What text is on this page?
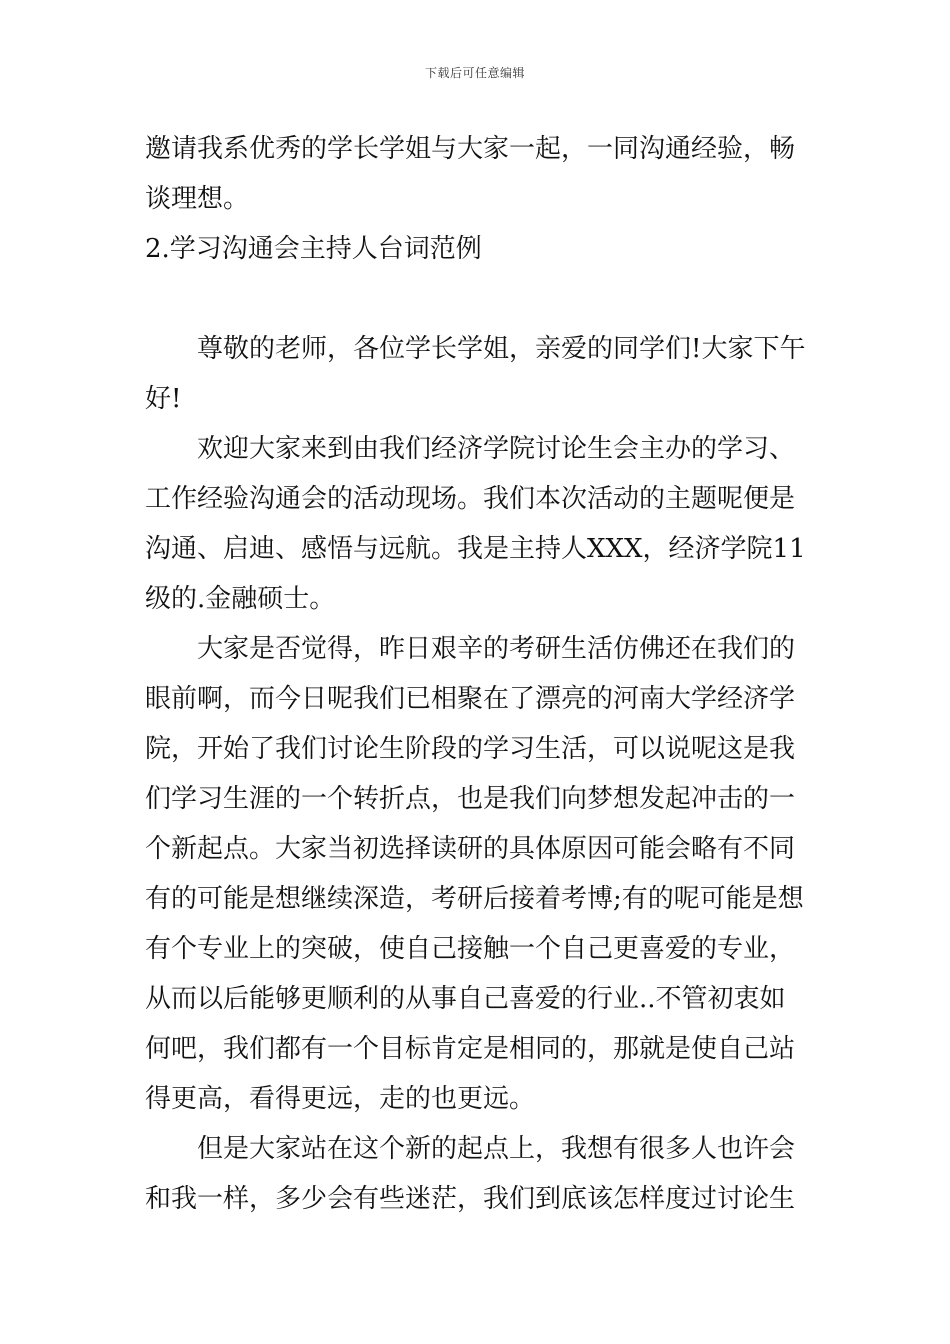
下载后可任意编辑
邀请我系优秀的学长学姐与大家一起，一同沟通经验，畅
谈理想。
2.学习沟通会主持人台词范例
尊敬的老师，各位学长学姐，亲爱的同学们!大家下午
好!
欢迎大家来到由我们经济学院讨论生会主办的学习、
工作经验沟通会的活动现场。我们本次活动的主题呢便是
沟通、启迪、感悟与远航。我是主持人XXX，经济学院11
级的.金融硕士。
大家是否觉得，昨日艰辛的考研生活仿佛还在我们的
眼前啊，而今日呢我们已相聚在了漂亮的河南大学经济学
院，开始了我们讨论生阶段的学习生活，可以说呢这是我
们学习生涯的一个转折点，也是我们向梦想发起冲击的一
个新起点。大家当初选择读研的具体原因可能会略有不同
有的可能是想继续深造，考研后接着考博;有的呢可能是想
有个专业上的突破，使自己接触一个自己更喜爱的专业，
从而以后能够更顺利的从事自己喜爱的行业..不管初衷如
何吧，我们都有一个目标肯定是相同的，那就是使自己站
得更高，看得更远，走的也更远。
但是大家站在这个新的起点上，我想有很多人也许会
和我一样，多少会有些迷茫，我们到底该怎样度过讨论生
